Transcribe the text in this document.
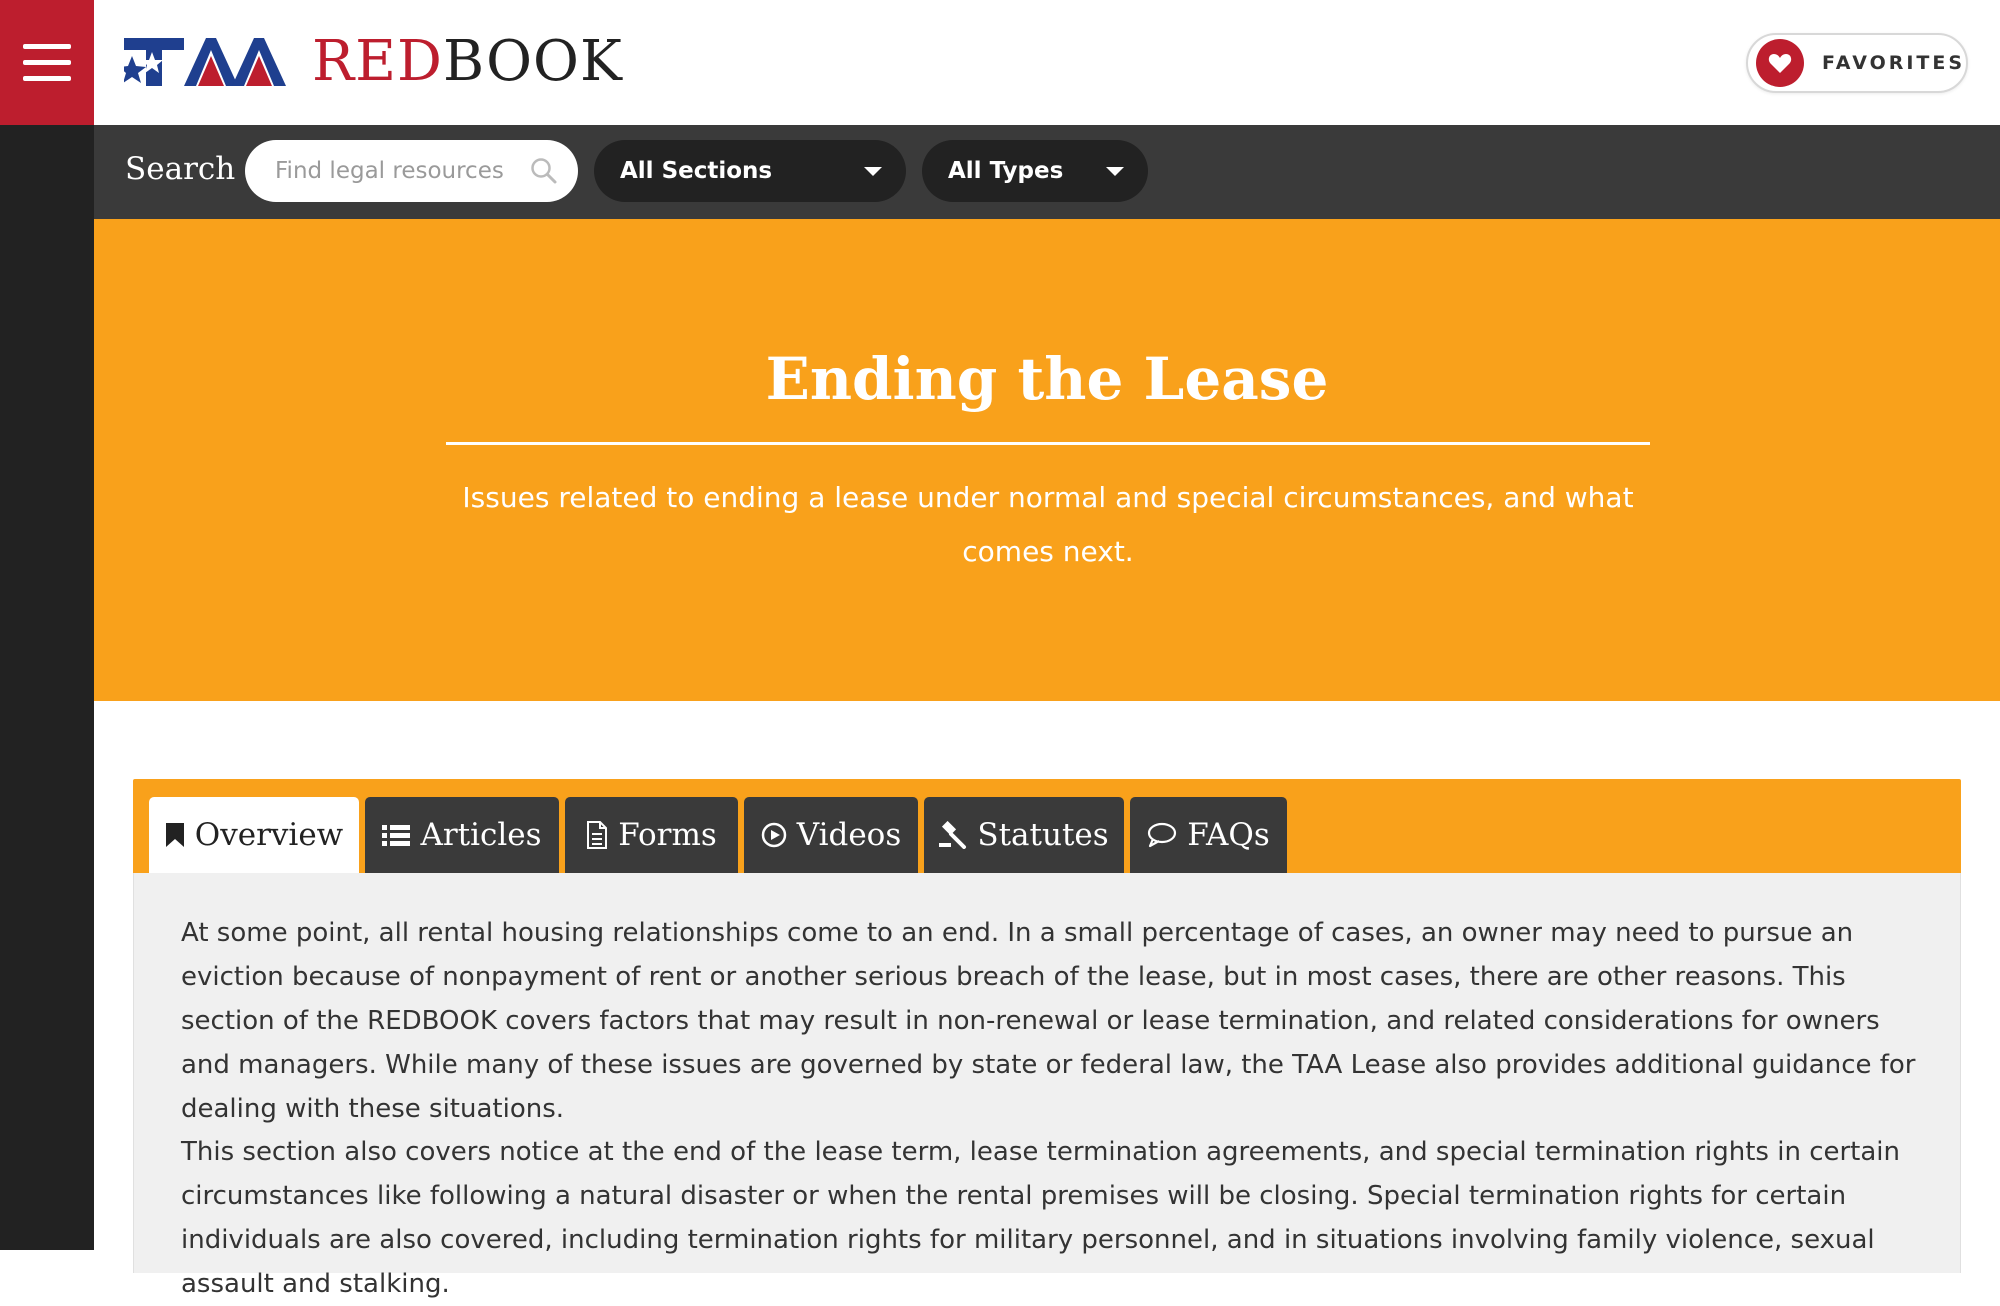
REDBOOK	FAVORITES
Search
Find legal resources	All Sections	All Types
Ending the Lease
Issues related to ending a lease under normal and special circumstances, and what comes next.
Overview Articles Forms	Videos Statutes	FAQs

At some point, all rental housing relationships come to an end. In a small percentage of cases, an owner may need to pursue an eviction because of nonpayment of rent or another serious breach of the lease, but in most cases, there are other reasons. This section of the REDBOOK covers factors that may result in non-renewal or lease termination, and related considerations for owners and managers. While many of these issues are governed by state or federal law, the TAA Lease also provides additional guidance for dealing with these situations.

This section also covers notice at the end of the lease term, lease termination agreements, and special termination rights in certain circumstances like following a natural disaster or when the rental premises will be closing. Special termination rights for certain individuals are also covered, including termination rights for military personnel, and in situations involving family violence, sexual assault and stalking.
